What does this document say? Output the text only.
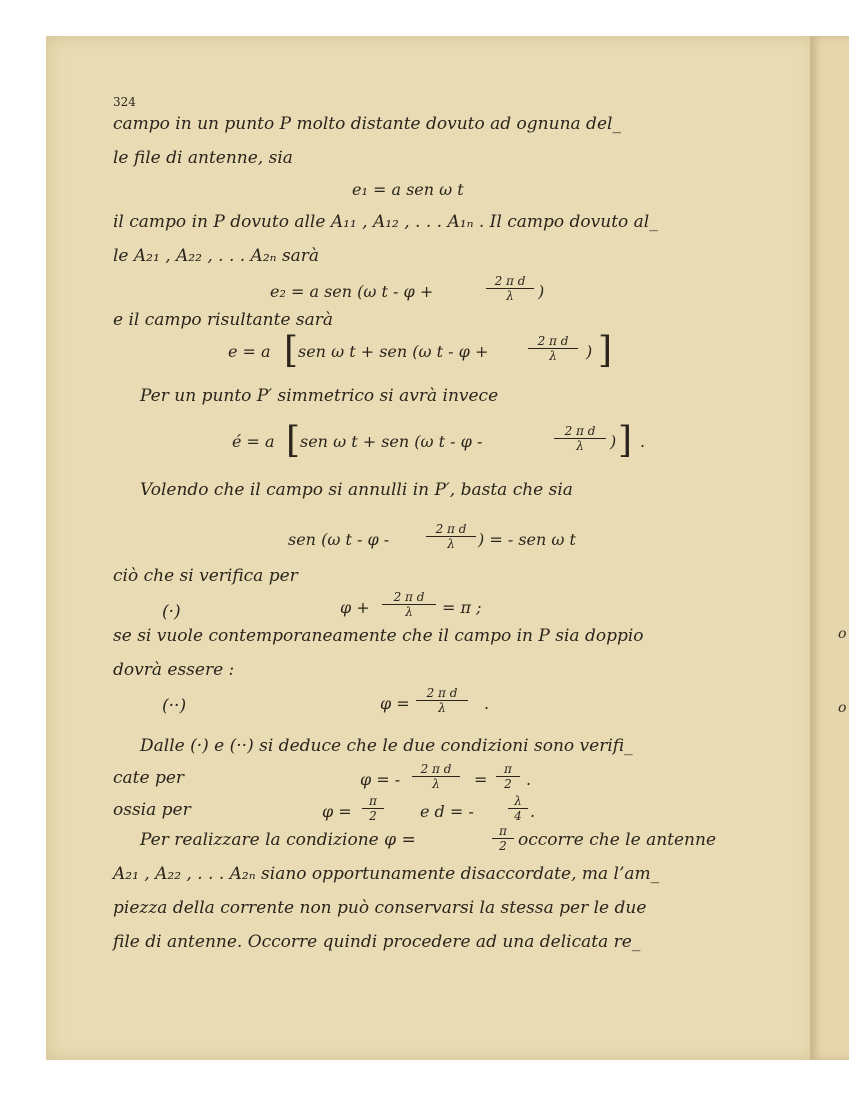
o
o
324
campo in un punto P molto distante dovuto ad ognuna del_
le file di antenne, sia
e₁ = a sen ω t
il campo in P dovuto alle A₁₁ , A₁₂ , . . . A₁ₙ . Il campo dovuto al_
le A₂₁ , A₂₂ , . . . A₂ₙ sarà
e₂ = a sen (ω t - φ +	$\frac{\text{2 π d}}{\lambda}$ )
e il campo risultante sarà
e = a [ sen ω t + sen (ω t - φ +	$\frac{\text{2 π d}}{\lambda}$ ) ]
Per un punto P′ simmetrico si avrà invece
é = a [ sen ω t + sen (ω t - φ -	$\frac{\text{2 π d}}{\lambda}$ ) ] .
Volendo che il campo si annulli in P′, basta che sia
sen (ω t - φ -	$\frac{\text{2 π d}}{\lambda}$ ) = - sen ω t
ciò che si verifica per
(·)	$\varphi + \frac{\text{2 π d}}{\lambda} = \pi$ ;
se si vuole contemporaneamente che il campo in P sia doppio
dovrà essere :
(··)	$\varphi = \frac{\text{2 π d}}{\lambda}$ .
Dalle (·) e (··) si deduce che le due condizioni sono verifi_
cate per	φ = - $\frac{\text{2 π d}}{\lambda} = \frac{\pi}{2}$ .
ossia per	$\varphi = \frac{\pi}{2}$ e d = -	$\frac{\lambda}{4}$ .
Per realizzare la condizione φ =	$\frac{\pi}{2}$ occorre che le antenne
A₂₁ , A₂₂ , . . . A₂ₙ siano opportunamente disaccordate, ma l’am_
piezza della corrente non può conservarsi la stessa per le due
file di antenne. Occorre quindi procedere ad una delicata re_
